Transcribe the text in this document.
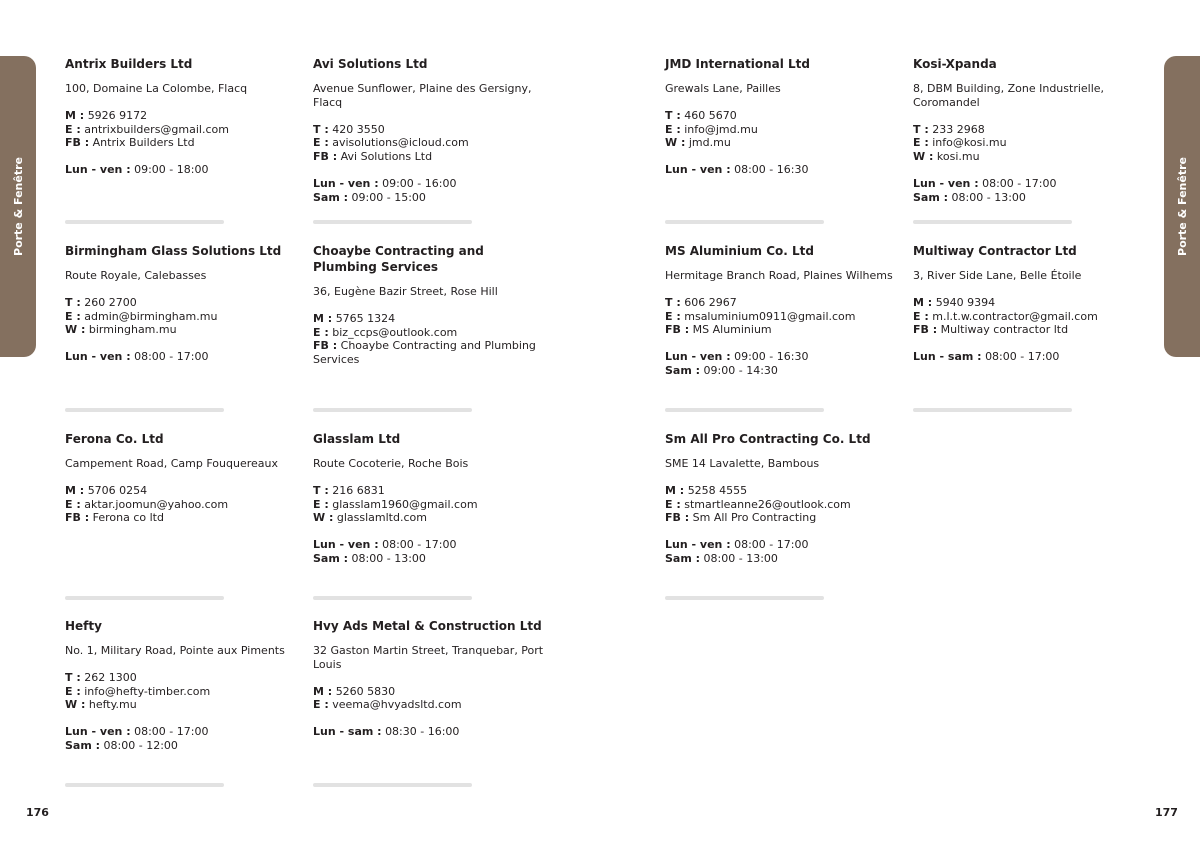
Porte & Fenêtre	Porte & Fenêtre
176	177
Antrix Builders Ltd
100, Domaine La Colombe, Flacq
M : 5926 9172
E : antrixbuilders@gmail.com
FB : Antrix Builders Ltd
Lun - ven : 09:00 - 18:00
Avi Solutions Ltd
Avenue Sunflower, Plaine des Gersigny, Flacq
T : 420 3550
E : avisolutions@icloud.com
FB : Avi Solutions Ltd
Lun - ven : 09:00 - 16:00
Sam : 09:00 - 15:00
JMD International Ltd
Grewals Lane, Pailles
T : 460 5670
E : info@jmd.mu
W : jmd.mu
Lun - ven : 08:00 - 16:30
Kosi-Xpanda
8, DBM Building, Zone Industrielle, Coromandel
T : 233 2968
E : info@kosi.mu
W : kosi.mu
Lun - ven : 08:00 - 17:00
Sam : 08:00 - 13:00
Birmingham Glass Solutions Ltd
Route Royale, Calebasses
T : 260 2700
E : admin@birmingham.mu
W : birmingham.mu
Lun - ven : 08:00 - 17:00
Choaybe Contracting and Plumbing Services
36, Eugène Bazir Street, Rose Hill
M : 5765 1324
E : biz_ccps@outlook.com
FB : Choaybe Contracting and Plumbing Services
MS Aluminium Co. Ltd
Hermitage Branch Road, Plaines Wilhems
T : 606 2967
E : msaluminium0911@gmail.com
FB : MS Aluminium
Lun - ven : 09:00 - 16:30
Sam : 09:00 - 14:30
Multiway Contractor Ltd
3, River Side Lane, Belle Étoile
M : 5940 9394
E : m.l.t.w.contractor@gmail.com
FB : Multiway contractor ltd
Lun - sam : 08:00 - 17:00
Ferona Co. Ltd
Campement Road, Camp Fouquereaux
M : 5706 0254
E : aktar.joomun@yahoo.com
FB : Ferona co ltd
Glasslam Ltd
Route Cocoterie, Roche Bois
T : 216 6831
E : glasslam1960@gmail.com
W : glasslamltd.com
Lun - ven : 08:00 - 17:00
Sam : 08:00 - 13:00
Sm All Pro Contracting Co. Ltd
SME 14 Lavalette, Bambous
M : 5258 4555
E : stmartleanne26@outlook.com
FB : Sm All Pro Contracting
Lun - ven : 08:00 - 17:00
Sam : 08:00 - 13:00
Hefty
No. 1, Military Road, Pointe aux Piments
T : 262 1300
E : info@hefty-timber.com
W : hefty.mu
Lun - ven : 08:00 - 17:00
Sam : 08:00 - 12:00
Hvy Ads Metal & Construction Ltd
32 Gaston Martin Street, Tranquebar, Port Louis
M : 5260 5830
E : veema@hvyadsltd.com
Lun - sam : 08:30 - 16:00
